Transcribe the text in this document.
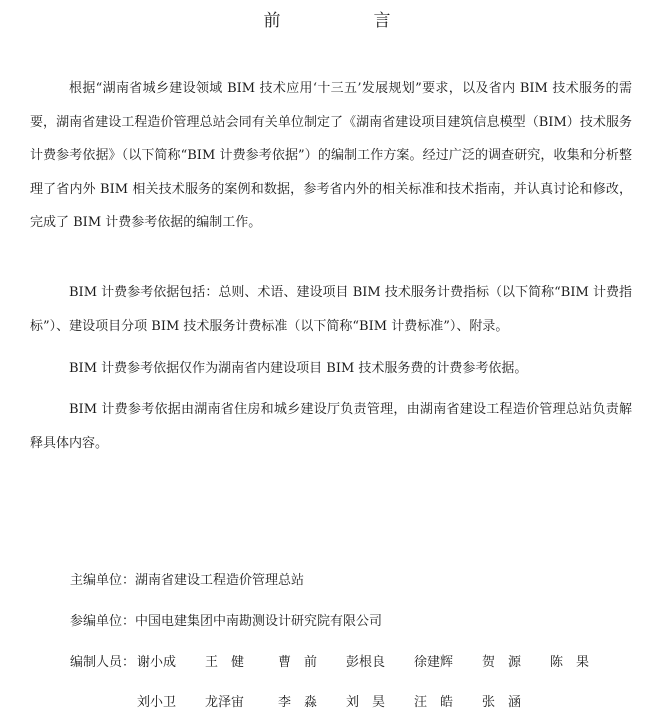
前　言

根据“湖南省城乡建设领域 BIM 技术应用‘十三五’发展规划”要求，以及省内 BIM 技术服务的需要，湖南省建设工程造价管理总站会同有关单位制定了《湖南省建设项目建筑信息模型（BIM）技术服务计费参考依据》（以下简称“BIM 计费参考依据”）的编制工作方案。经过广泛的调查研究，收集和分析整理了省内外 BIM 相关技术服务的案例和数据，参考省内外的相关标准和技术指南，并认真讨论和修改，完成了 BIM 计费参考依据的编制工作。

BIM 计费参考依据包括：总则、术语、建设项目 BIM 技术服务计费指标（以下简称“BIM 计费指标”）、建设项目分项 BIM 技术服务计费标准（以下简称“BIM 计费标准”）、附录。

BIM 计费参考依据仅作为湖南省内建设项目 BIM 技术服务费的计费参考依据。

BIM 计费参考依据由湖南省住房和城乡建设厅负责管理，由湖南省建设工程造价管理总站负责解释具体内容。

主编单位：湖南省建设工程造价管理总站

参编单位：中国电建集团中南勘测设计研究院有限公司

编制人员： 谢小成 王　健	曹　前 彭根良 徐建辉 贺　源 陈　果
刘小卫 龙泽宙	李　淼 刘　昊 汪　皓 张　涵
